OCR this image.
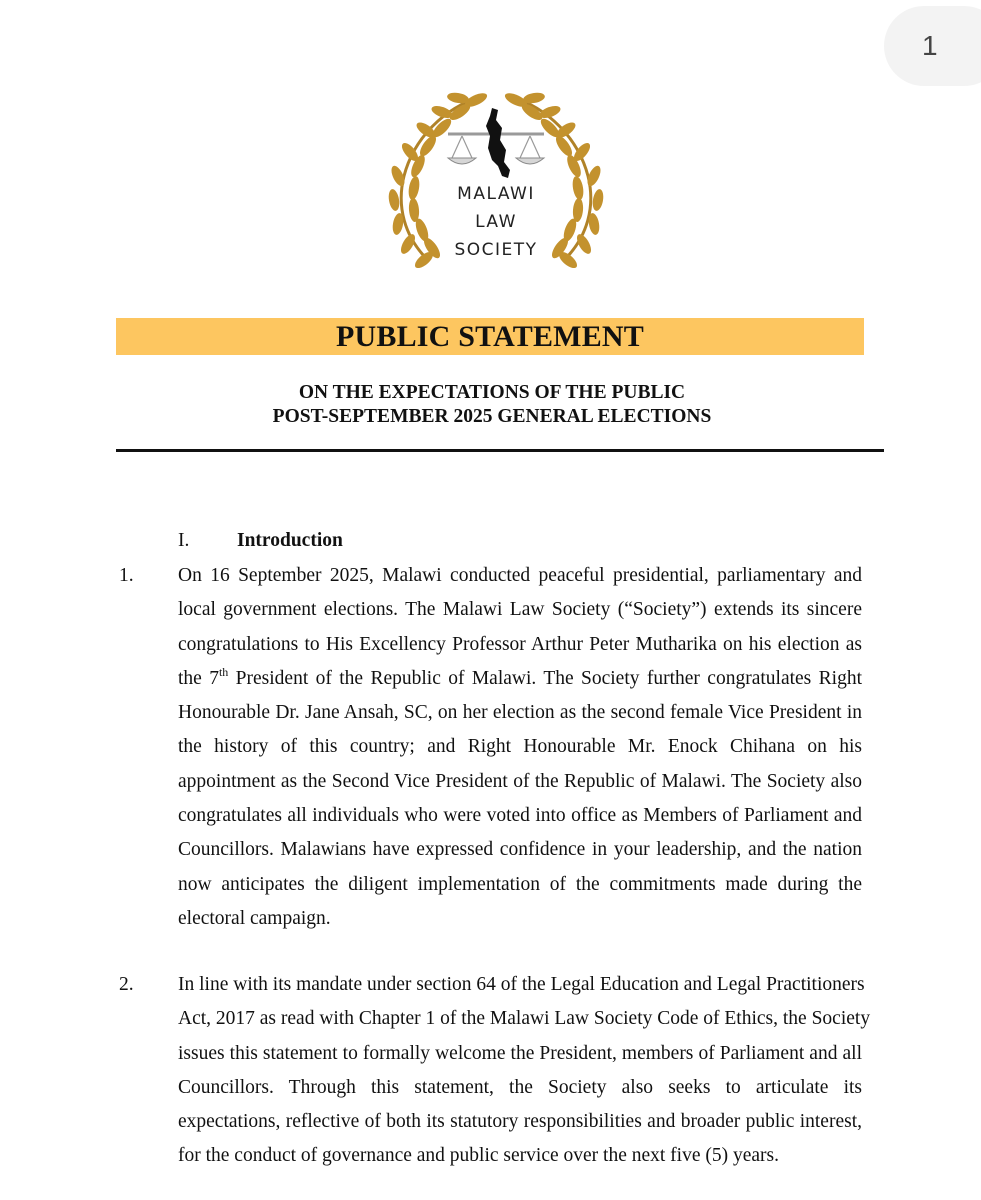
1
MALAWI
LAW
SOCIETY
PUBLIC STATEMENT
ON THE EXPECTATIONS OF THE PUBLIC
POST-SEPTEMBER 2025 GENERAL ELECTIONS
I. Introduction
1. On 16 September 2025, Malawi conducted peaceful presidential, parliamentary and
local government elections. The Malawi Law Society (“Society”) extends its sincere
congratulations to His Excellency Professor Arthur Peter Mutharika on his election as
the 7th President of the Republic of Malawi. The Society further congratulates Right
Honourable Dr. Jane Ansah, SC, on her election as the second female Vice President in
the history of this country; and Right Honourable Mr. Enock Chihana on his
appointment as the Second Vice President of the Republic of Malawi. The Society also
congratulates all individuals who were voted into office as Members of Parliament and
Councillors. Malawians have expressed confidence in your leadership, and the nation
now anticipates the diligent implementation of the commitments made during the
electoral campaign.
2. In line with its mandate under section 64 of the Legal Education and Legal Practitioners
Act, 2017 as read with Chapter 1 of the Malawi Law Society Code of Ethics, the Society
issues this statement to formally welcome the President, members of Parliament and all
Councillors. Through this statement, the Society also seeks to articulate its
expectations, reflective of both its statutory responsibilities and broader public interest,
for the conduct of governance and public service over the next five (5) years.
